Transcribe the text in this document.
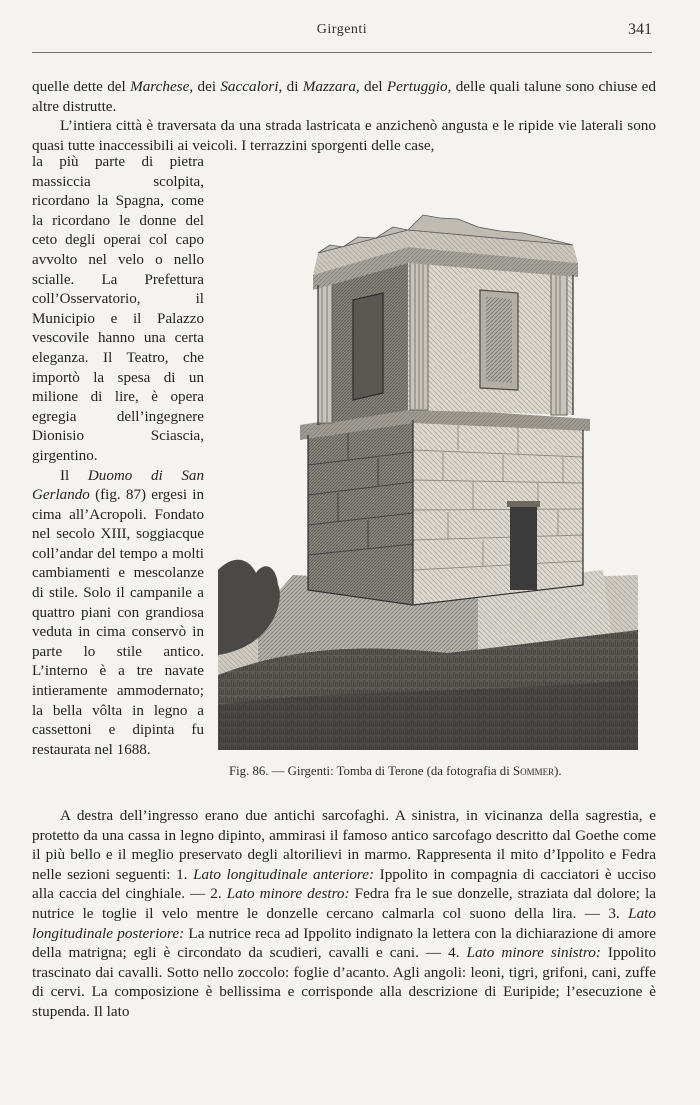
Girgenti	341

quelle dette del Marchese, dei Saccalori, di Mazzara, del Pertuggio, delle quali talune sono chiuse ed altre distrutte.

L’intiera città è traversata da una strada lastricata e anzichenò angusta e le ripide vie laterali sono quasi tutte inaccessibili ai veicoli. I terrazzini sporgenti delle case,

la più parte di pietra massiccia scolpita, ricordano la Spagna, come la ricordano le donne del ceto degli operai col capo avvolto nel velo o nello scialle. La Prefettura coll’Osservatorio, il Municipio e il Palazzo vescovile hanno una certa eleganza. Il Teatro, che importò la spesa di un milione di lire, è opera egregia dell’ingegnere Dionisio Sciascia, girgentino.

Il Duomo di San Gerlando (fig. 87) ergesi in cima all’Acropoli. Fondato nel secolo XIII, soggiacque coll’andar del tempo a molti cambiamenti e mescolanze di stile. Solo il campanile a quattro piani con grandiosa veduta in cima conservò in parte lo stile antico. L’interno è a tre navate intieramente ammodernato; la bella vôlta in legno a cassettoni e dipinta fu restaurata nel 1688.

Fig. 86. — Girgenti: Tomba di Terone (da fotografia di Sommer).

A destra dell’ingresso erano due antichi sarcofaghi. A sinistra, in vicinanza della sagrestia, e protetto da una cassa in legno dipinto, ammirasi il famoso antico sarcofago descritto dal Goethe come il più bello e il meglio preservato degli altorilievi in marmo. Rappresenta il mito d’Ippolito e Fedra nelle sezioni seguenti: 1. Lato longitudinale anteriore: Ippolito in compagnia di cacciatori è ucciso alla caccia del cinghiale. — 2. Lato minore destro: Fedra fra le sue donzelle, straziata dal dolore; la nutrice le toglie il velo mentre le donzelle cercano calmarla col suono della lira. — 3. Lato longitudinale posteriore: La nutrice reca ad Ippolito indignato la lettera con la dichiarazione di amore della matrigna; egli è circondato da scudieri, cavalli e cani. — 4. Lato minore sinistro: Ippolito trascinato dai cavalli. Sotto nello zoccolo: foglie d’acanto. Agli angoli: leoni, tigri, grifoni, cani, zuffe di cervi. La composizione è bellissima e corrisponde alla descrizione di Euripide; l’esecuzione è stupenda. Il lato
